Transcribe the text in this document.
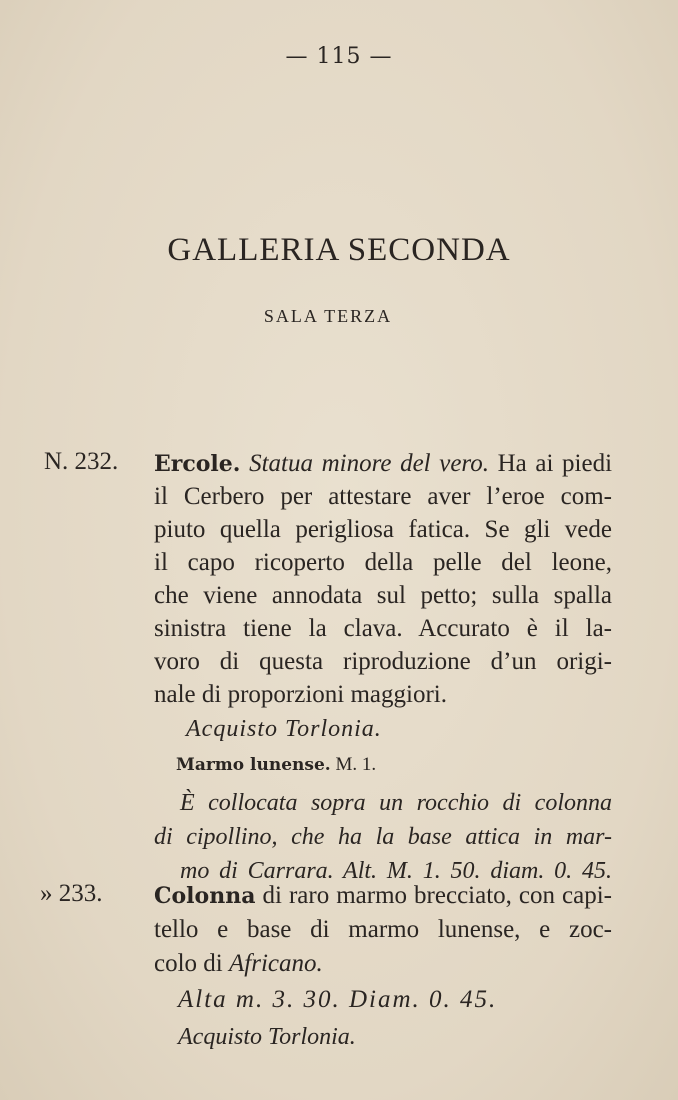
— 115 —
GALLERIA SECONDA
SALA TERZA
N. 232. Ercole. Statua minore del vero. Ha ai piedi
il Cerbero per attestare aver l’eroe com-
piuto quella perigliosa fatica. Se gli vede
il capo ricoperto della pelle del leone,
che viene annodata sul petto; sulla spalla
sinistra tiene la clava. Accurato è il la-
voro di questa riproduzione d’un origi-
nale di proporzioni maggiori.
Acquisto Torlonia.
Marmo lunense. M. 1.
È collocata sopra un rocchio di colonna
di cipollino, che ha la base attica in mar-
mo di Carrara. Alt. M. 1. 50. diam. 0. 45.
» 233. Colonna di raro marmo brecciato, con capi-
tello e base di marmo lunense, e zoc-
colo di Africano.
Alta m. 3. 30. Diam. 0. 45.
Acquisto Torlonia.
